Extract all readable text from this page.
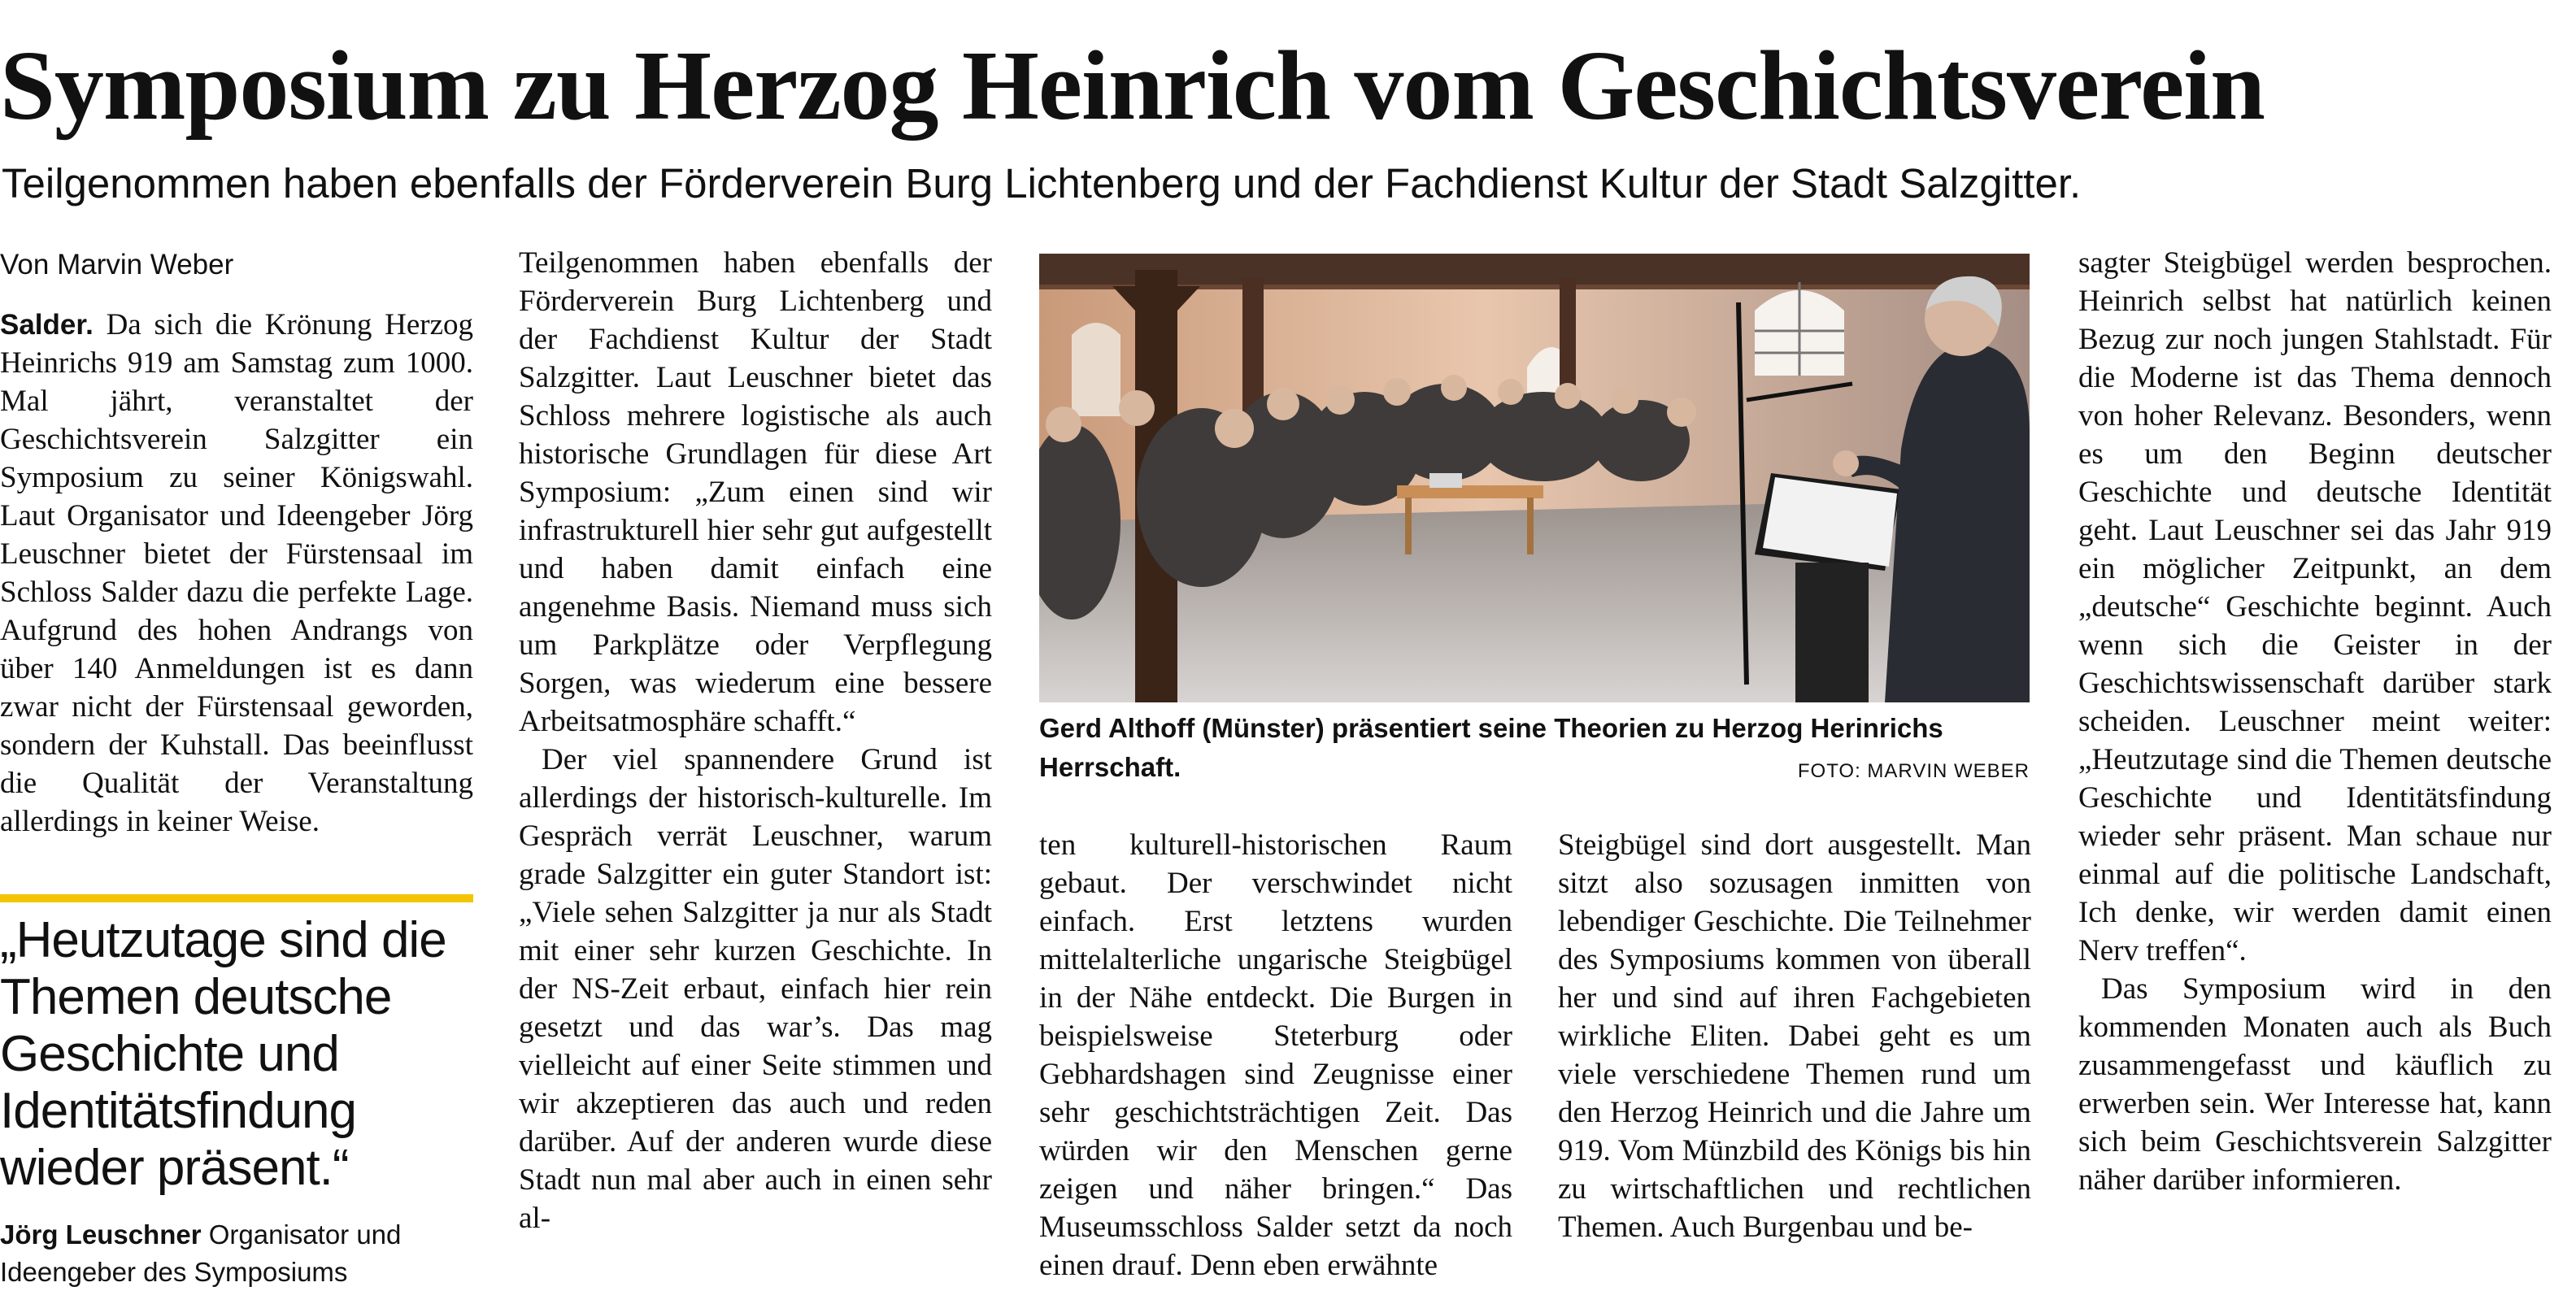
Symposium zu Herzog Heinrich vom Geschichtsverein

Teilgenommen haben ebenfalls der Förderverein Burg Lichtenberg und der Fachdienst Kultur der Stadt Salzgitter.

Von Marvin Weber

Salder. Da sich die Krönung Herzog Heinrichs 919 am Samstag zum 1000. Mal jährt, veranstaltet der Geschichtsverein Salzgitter ein Symposium zu seiner Königswahl. Laut Organisator und Ideengeber Jörg Leuschner bietet der Fürstensaal im Schloss Salder dazu die perfekte Lage. Aufgrund des hohen Andrangs von über 140 Anmeldungen ist es dann zwar nicht der Fürstensaal geworden, sondern der Kuhstall. Das beeinflusst die Qualität der Veranstaltung allerdings in keiner Weise.

„Heutzutage sind die Themen deutsche Geschichte und Identitätsfindung wieder präsent.“

Jörg Leuschner Organisator und Ideengeber des Symposiums

Teilgenommen haben ebenfalls der Förderverein Burg Lichtenberg und der Fachdienst Kultur der Stadt Salzgitter. Laut Leuschner bietet das Schloss mehrere logistische als auch historische Grundlagen für diese Art Symposium: „Zum einen sind wir infrastrukturell hier sehr gut aufgestellt und haben damit einfach eine angenehme Basis. Niemand muss sich um Parkplätze oder Verpflegung Sorgen, was wiederum eine bessere Arbeitsatmosphäre schafft.“

Der viel spannendere Grund ist allerdings der historisch-kulturelle. Im Gespräch verrät Leuschner, warum grade Salzgitter ein guter Standort ist: „Viele sehen Salzgitter ja nur als Stadt mit einer sehr kurzen Geschichte. In der NS-Zeit erbaut, einfach hier rein gesetzt und das war’s. Das mag vielleicht auf einer Seite stimmen und wir akzeptieren das auch und reden darüber. Auf der anderen wurde diese Stadt nun mal aber auch in einen sehr al-

Gerd Althoff (Münster) präsentiert seine Theorien zu Herzog Herinrichs Herrschaft.	FOTO: MARVIN WEBER

ten kulturell-historischen Raum gebaut. Der verschwindet nicht einfach. Erst letztens wurden mittelalterliche ungarische Steigbügel in der Nähe entdeckt. Die Burgen in beispielsweise Steterburg oder Gebhardshagen sind Zeugnisse einer sehr geschichtsträchtigen Zeit. Das würden wir den Menschen gerne zeigen und näher bringen.“ Das Museumsschloss Salder setzt da noch einen drauf. Denn eben erwähnte

Steigbügel sind dort ausgestellt. Man sitzt also sozusagen inmitten von lebendiger Geschichte. Die Teilnehmer des Symposiums kommen von überall her und sind auf ihren Fachgebieten wirkliche Eliten. Dabei geht es um viele verschiedene Themen rund um den Herzog Heinrich und die Jahre um 919. Vom Münzbild des Königs bis hin zu wirtschaftlichen und rechtlichen Themen. Auch Burgenbau und be-

sagter Steigbügel werden besprochen. Heinrich selbst hat natürlich keinen Bezug zur noch jungen Stahlstadt. Für die Moderne ist das Thema dennoch von hoher Relevanz. Besonders, wenn es um den Beginn deutscher Geschichte und deutsche Identität geht. Laut Leuschner sei das Jahr 919 ein möglicher Zeitpunkt, an dem „deutsche“ Geschichte beginnt. Auch wenn sich die Geister in der Geschichtswissenschaft darüber stark scheiden. Leuschner meint weiter: „Heutzutage sind die Themen deutsche Geschichte und Identitätsfindung wieder sehr präsent. Man schaue nur einmal auf die politische Landschaft, Ich denke, wir werden damit einen Nerv treffen“.

Das Symposium wird in den kommenden Monaten auch als Buch zusammengefasst und käuflich zu erwerben sein. Wer Interesse hat, kann sich beim Geschichtsverein Salzgitter näher darüber informieren.
